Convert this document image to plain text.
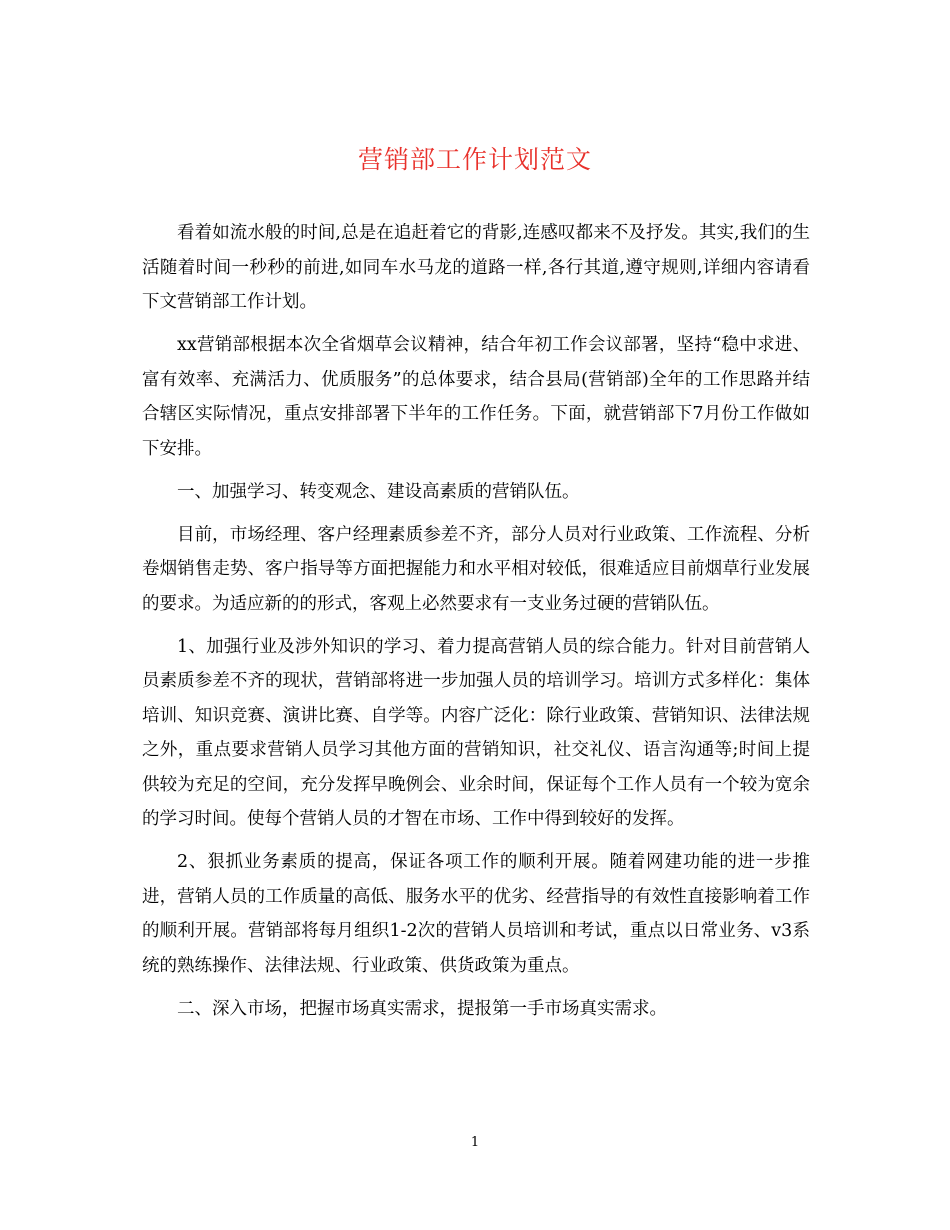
营销部工作计划范文

看着如流水般的时间,总是在追赶着它的背影,连感叹都来不及抒发。其实,我们的生活随着时间一秒秒的前进,如同车水马龙的道路一样,各行其道,遵守规则,详细内容请看下文营销部工作计划。

xx营销部根据本次全省烟草会议精神，结合年初工作会议部署，坚持“稳中求进、富有效率、充满活力、优质服务”的总体要求，结合县局(营销部)全年的工作思路并结合辖区实际情况，重点安排部署下半年的工作任务。下面，就营销部下7月份工作做如下安排。

一、加强学习、转变观念、建设高素质的营销队伍。

目前，市场经理、客户经理素质参差不齐，部分人员对行业政策、工作流程、分析卷烟销售走势、客户指导等方面把握能力和水平相对较低，很难适应目前烟草行业发展的要求。为适应新的的形式，客观上必然要求有一支业务过硬的营销队伍。

1、加强行业及涉外知识的学习、着力提高营销人员的综合能力。针对目前营销人员素质参差不齐的现状，营销部将进一步加强人员的培训学习。培训方式多样化：集体培训、知识竞赛、演讲比赛、自学等。内容广泛化：除行业政策、营销知识、法律法规之外，重点要求营销人员学习其他方面的营销知识，社交礼仪、语言沟通等;时间上提供较为充足的空间，充分发挥早晚例会、业余时间，保证每个工作人员有一个较为宽余的学习时间。使每个营销人员的才智在市场、工作中得到较好的发挥。

2、狠抓业务素质的提高，保证各项工作的顺利开展。随着网建功能的进一步推进，营销人员的工作质量的高低、服务水平的优劣、经营指导的有效性直接影响着工作的顺利开展。营销部将每月组织1-2次的营销人员培训和考试，重点以日常业务、v3系统的熟练操作、法律法规、行业政策、供货政策为重点。

二、深入市场，把握市场真实需求，提报第一手市场真实需求。

1
